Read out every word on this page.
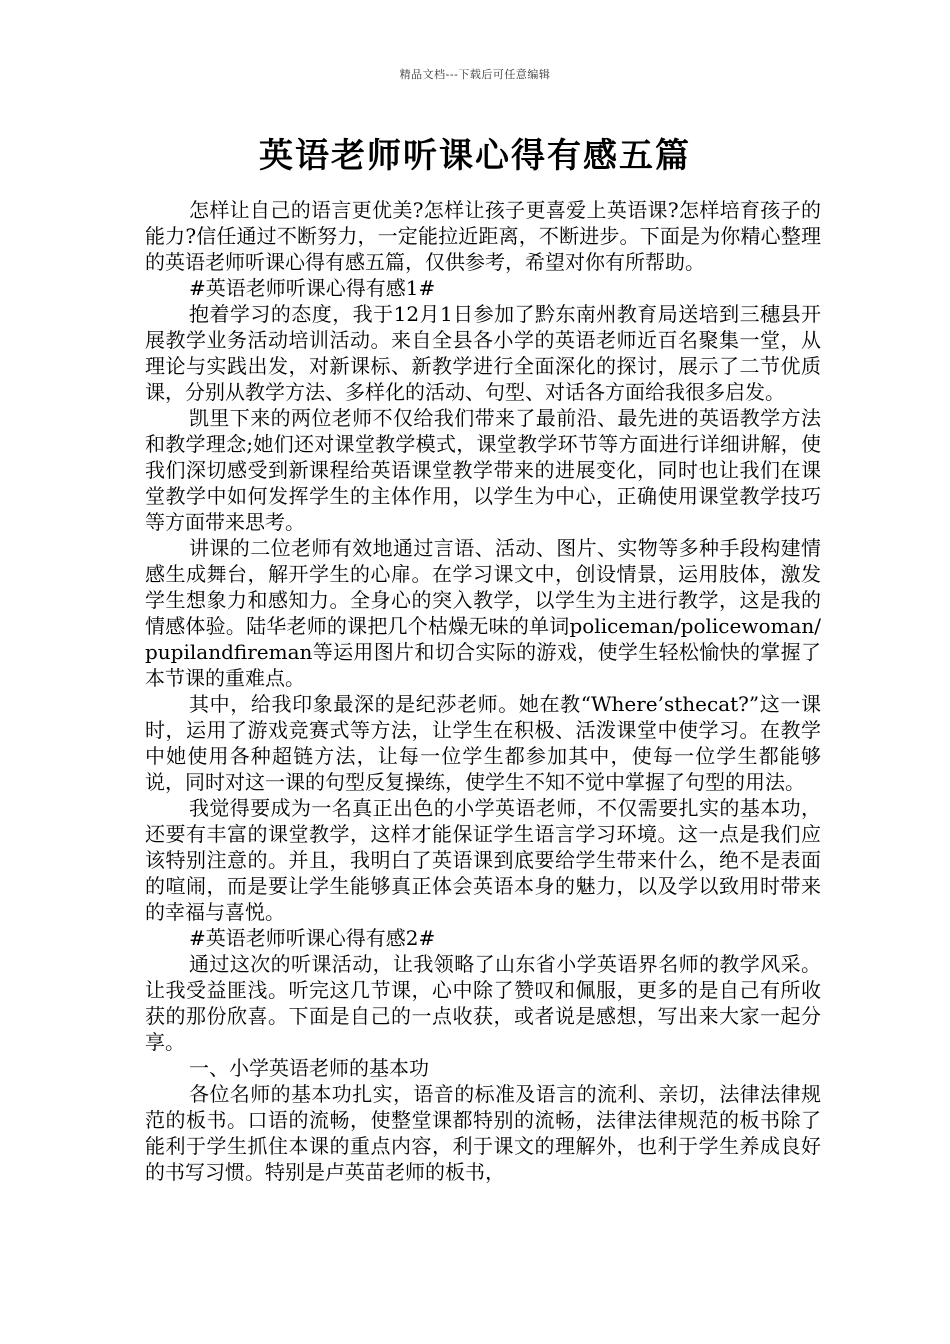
精品文档---下载后可任意编辑
英语老师听课心得有感五篇

怎样让自己的语言更优美?怎样让孩子更喜爱上英语课?怎样培育孩子的能力?信任通过不断努力，一定能拉近距离，不断进步。下面是为你精心整理的英语老师听课心得有感五篇，仅供参考，希望对你有所帮助。

#英语老师听课心得有感1#

抱着学习的态度，我于12月1日参加了黔东南州教育局送培到三穗县开展教学业务活动培训活动。来自全县各小学的英语老师近百名聚集一堂，从理论与实践出发，对新课标、新教学进行全面深化的探讨，展示了二节优质课，分别从教学方法、多样化的活动、句型、对话各方面给我很多启发。

凯里下来的两位老师不仅给我们带来了最前沿、最先进的英语教学方法和教学理念;她们还对课堂教学模式，课堂教学环节等方面进行详细讲解，使我们深切感受到新课程给英语课堂教学带来的进展变化，同时也让我们在课堂教学中如何发挥学生的主体作用，以学生为中心，正确使用课堂教学技巧等方面带来思考。

讲课的二位老师有效地通过言语、活动、图片、实物等多种手段构建情感生成舞台，解开学生的心扉。在学习课文中，创设情景，运用肢体，激发学生想象力和感知力。全身心的突入教学，以学生为主进行教学，这是我的情感体验。陆华老师的课把几个枯燥无味的单词policeman/policewoman/pupilandfireman等运用图片和切合实际的游戏，使学生轻松愉快的掌握了本节课的重难点。

其中，给我印象最深的是纪莎老师。她在教“Where’sthecat?”这一课时，运用了游戏竞赛式等方法，让学生在积极、活泼课堂中使学习。在教学中她使用各种超链方法，让每一位学生都参加其中，使每一位学生都能够说，同时对这一课的句型反复操练，使学生不知不觉中掌握了句型的用法。

我觉得要成为一名真正出色的小学英语老师，不仅需要扎实的基本功，还要有丰富的课堂教学，这样才能保证学生语言学习环境。这一点是我们应该特别注意的。并且，我明白了英语课到底要给学生带来什么，绝不是表面的喧闹，而是要让学生能够真正体会英语本身的魅力，以及学以致用时带来的幸福与喜悦。

#英语老师听课心得有感2#

通过这次的听课活动，让我领略了山东省小学英语界名师的教学风采。让我受益匪浅。听完这几节课，心中除了赞叹和佩服，更多的是自己有所收获的那份欣喜。下面是自己的一点收获，或者说是感想，写出来大家一起分享。

一、小学英语老师的基本功

各位名师的基本功扎实，语音的标准及语言的流利、亲切，法律法律规范的板书。口语的流畅，使整堂课都特别的流畅，法律法律规范的板书除了能利于学生抓住本课的重点内容，利于课文的理解外，也利于学生养成良好的书写习惯。特别是卢英苗老师的板书，
